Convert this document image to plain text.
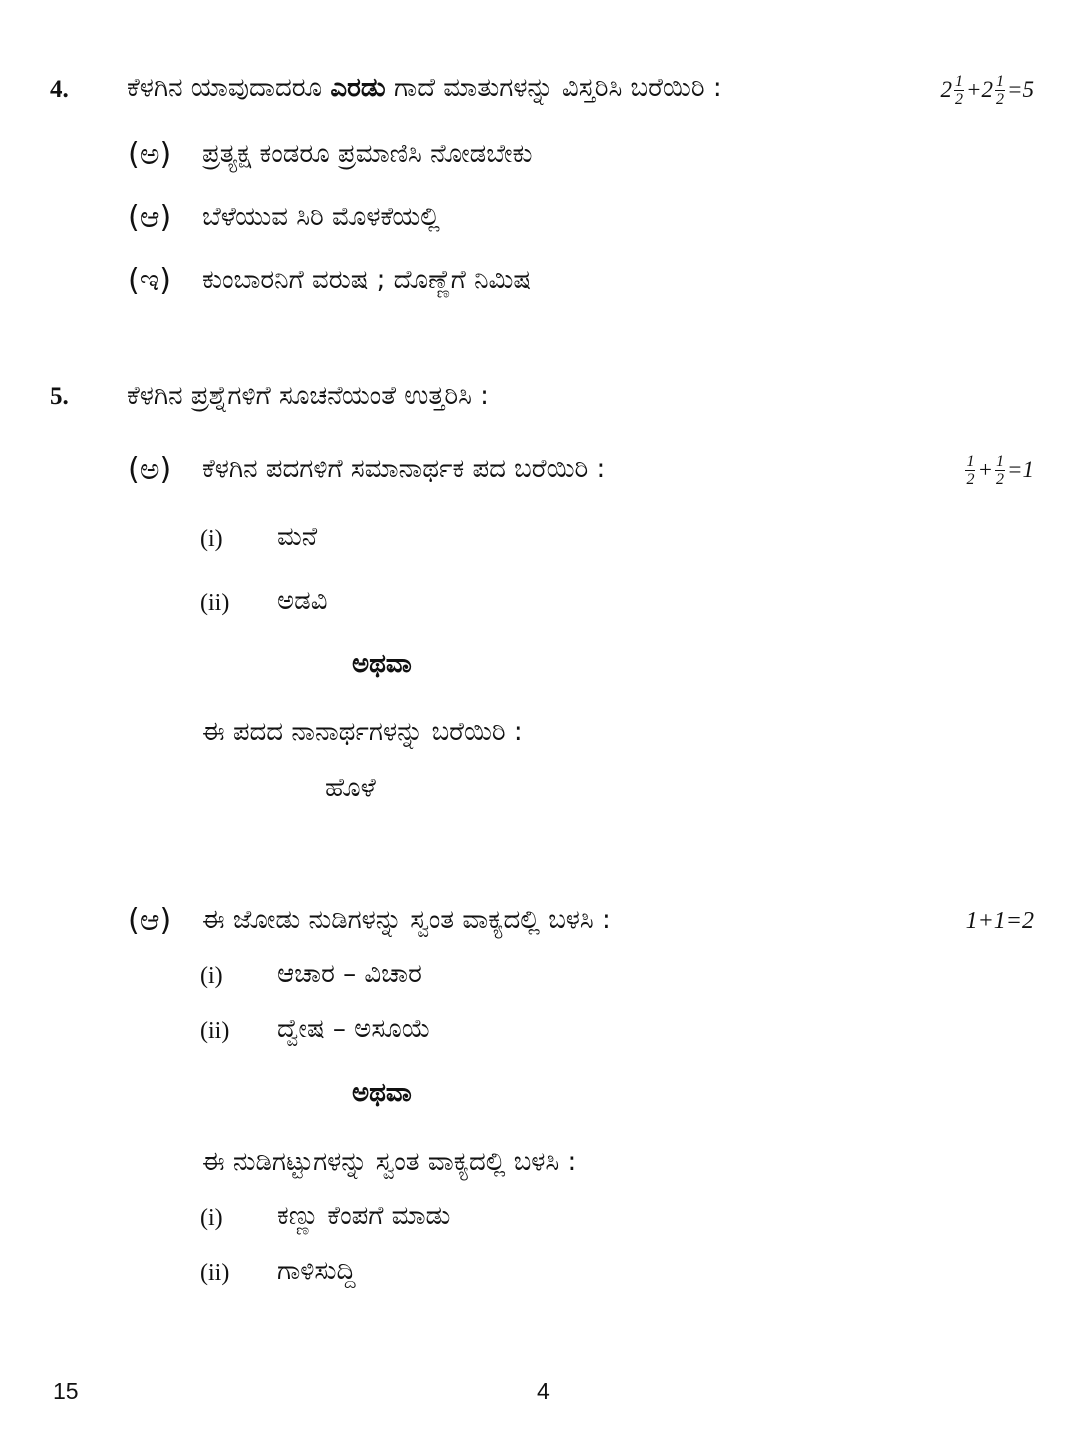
4. ಕೆಳಗಿನ ಯಾವುದಾದರೂ ಎರಡು ಗಾದೆ ಮಾತುಗಳನ್ನು ವಿಸ್ತರಿಸಿ ಬರೆಯಿರಿ :	$2 \frac{1}{2} +2 \frac{1}{2} =5$
(ಅ) ಪ್ರತ್ಯಕ್ಷ ಕಂಡರೂ ಪ್ರಮಾಣಿಸಿ ನೋಡಬೇಕು
(ಆ) ಬೆಳೆಯುವ ಸಿರಿ ಮೊಳಕೆಯಲ್ಲಿ
(ಇ) ಕುಂಬಾರನಿಗೆ ವರುಷ ; ದೊಣ್ಣೆಗೆ ನಿಮಿಷ
5. ಕೆಳಗಿನ ಪ್ರಶ್ನೆಗಳಿಗೆ ಸೂಚನೆಯಂತೆ ಉತ್ತರಿಸಿ :
(ಅ) ಕೆಳಗಿನ ಪದಗಳಿಗೆ ಸಮಾನಾರ್ಥಕ ಪದ ಬರೆಯಿರಿ :	$\frac{1}{2} + \frac{1}{2} =1$
(i) ಮನೆ
(ii) ಅಡವಿ
ಅಥವಾ
ಈ ಪದದ ನಾನಾರ್ಥಗಳನ್ನು ಬರೆಯಿರಿ :
ಹೊಳೆ
(ಆ) ಈ ಜೋಡು ನುಡಿಗಳನ್ನು ಸ್ವಂತ ವಾಕ್ಯದಲ್ಲಿ ಬಳಸಿ :	1+1=2
(i) ಆಚಾರ – ವಿಚಾರ
(ii) ದ್ವೇಷ – ಅಸೂಯೆ
ಅಥವಾ
ಈ ನುಡಿಗಟ್ಟುಗಳನ್ನು ಸ್ವಂತ ವಾಕ್ಯದಲ್ಲಿ ಬಳಸಿ :
(i) ಕಣ್ಣು ಕೆಂಪಗೆ ಮಾಡು
(ii) ಗಾಳಿಸುದ್ದಿ
15	4
